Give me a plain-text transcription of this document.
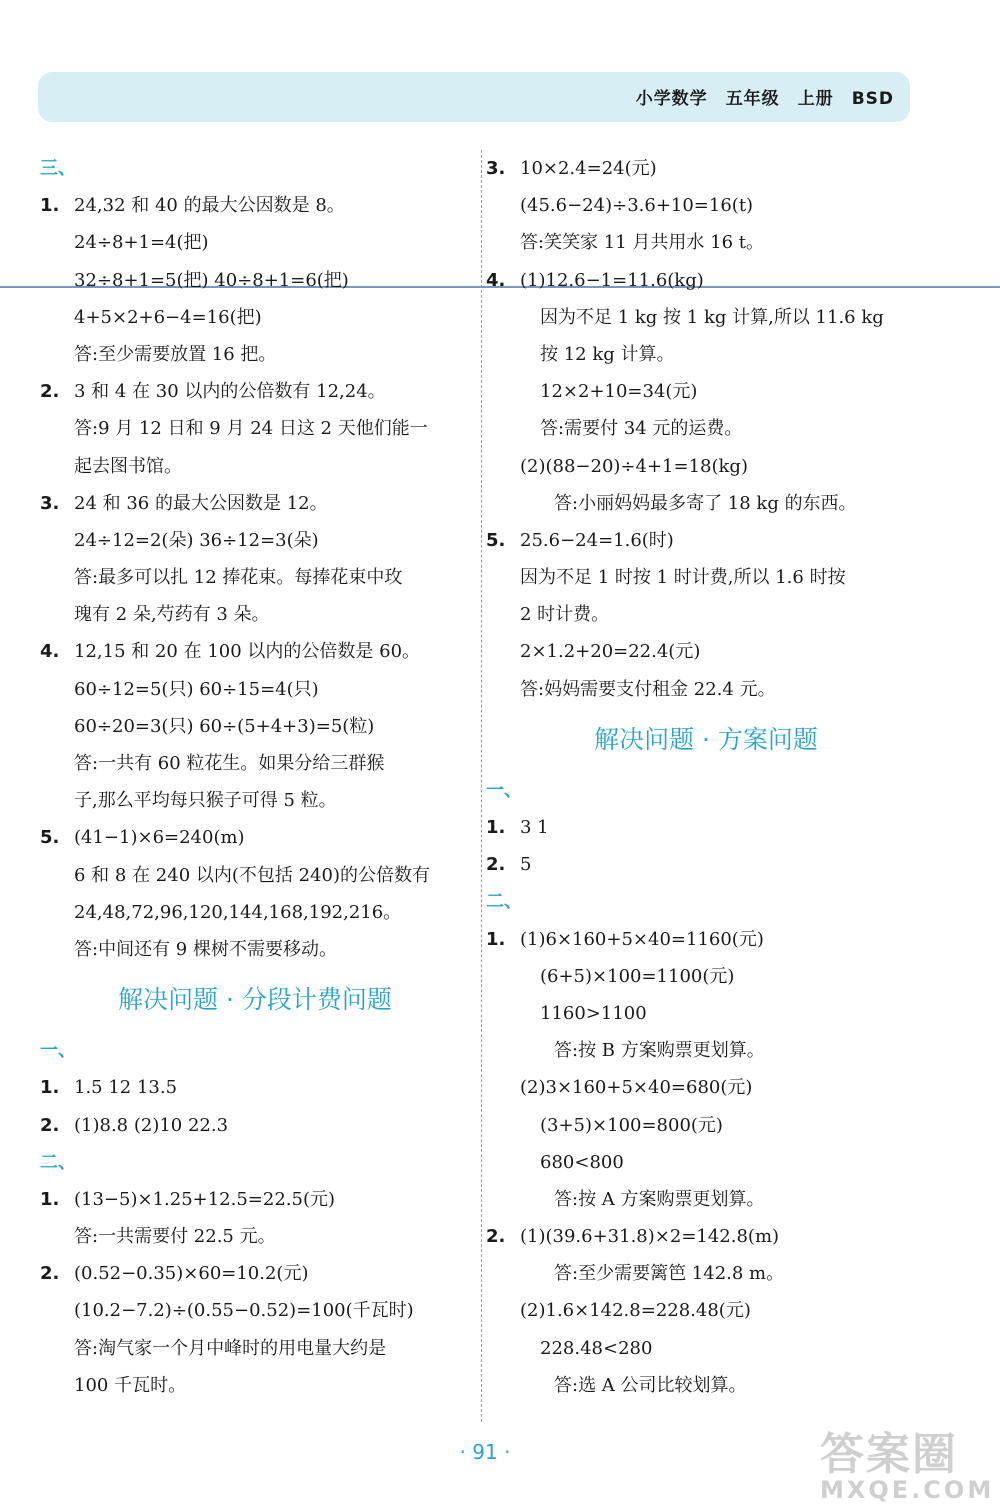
小学数学 五年级 上册 BSD
三、
1. 24,32 和 40 的最大公因数是 8。
24÷8+1=4(把)
32÷8+1=5(把) 40÷8+1=6(把)
4+5×2+6−4=16(把)
答:至少需要放置 16 把。
2. 3 和 4 在 30 以内的公倍数有 12,24。
答:9 月 12 日和 9 月 24 日这 2 天他们能一
起去图书馆。
3. 24 和 36 的最大公因数是 12。
24÷12=2(朵) 36÷12=3(朵)
答:最多可以扎 12 捧花束。每捧花束中玫
瑰有 2 朵,芍药有 3 朵。
4. 12,15 和 20 在 100 以内的公倍数是 60。
60÷12=5(只) 60÷15=4(只)
60÷20=3(只) 60÷(5+4+3)=5(粒)
答:一共有 60 粒花生。如果分给三群猴
子,那么平均每只猴子可得 5 粒。
5. (41−1)×6=240(m)
6 和 8 在 240 以内(不包括 240)的公倍数有
24,48,72,96,120,144,168,192,216。
答:中间还有 9 棵树不需要移动。
解决问题 · 分段计费问题
一、
1. 1.5 12 13.5
2. (1)8.8 (2)10 22.3
二、
1. (13−5)×1.25+12.5=22.5(元)
答:一共需要付 22.5 元。
2. (0.52−0.35)×60=10.2(元)
(10.2−7.2)÷(0.55−0.52)=100(千瓦时)
答:淘气家一个月中峰时的用电量大约是
100 千瓦时。
3. 10×2.4=24(元)
(45.6−24)÷3.6+10=16(t)
答:笑笑家 11 月共用水 16 t。
4. (1)12.6−1=11.6(kg)
因为不足 1 kg 按 1 kg 计算,所以 11.6 kg
按 12 kg 计算。
12×2+10=34(元)
答:需要付 34 元的运费。
(2)(88−20)÷4+1=18(kg)
答:小丽妈妈最多寄了 18 kg 的东西。
5. 25.6−24=1.6(时)
因为不足 1 时按 1 时计费,所以 1.6 时按
2 时计费。
2×1.2+20=22.4(元)
答:妈妈需要支付租金 22.4 元。
解决问题 · 方案问题
一、
1. 3 1
2. 5
二、
1. (1)6×160+5×40=1160(元)
(6+5)×100=1100(元)
1160>1100
答:按 B 方案购票更划算。
(2)3×160+5×40=680(元)
(3+5)×100=800(元)
680<800
答:按 A 方案购票更划算。
2. (1)(39.6+31.8)×2=142.8(m)
答:至少需要篱笆 142.8 m。
(2)1.6×142.8=228.48(元)
228.48<280
答:选 A 公司比较划算。
· 91 ·	答案圈
MXQE.COM
